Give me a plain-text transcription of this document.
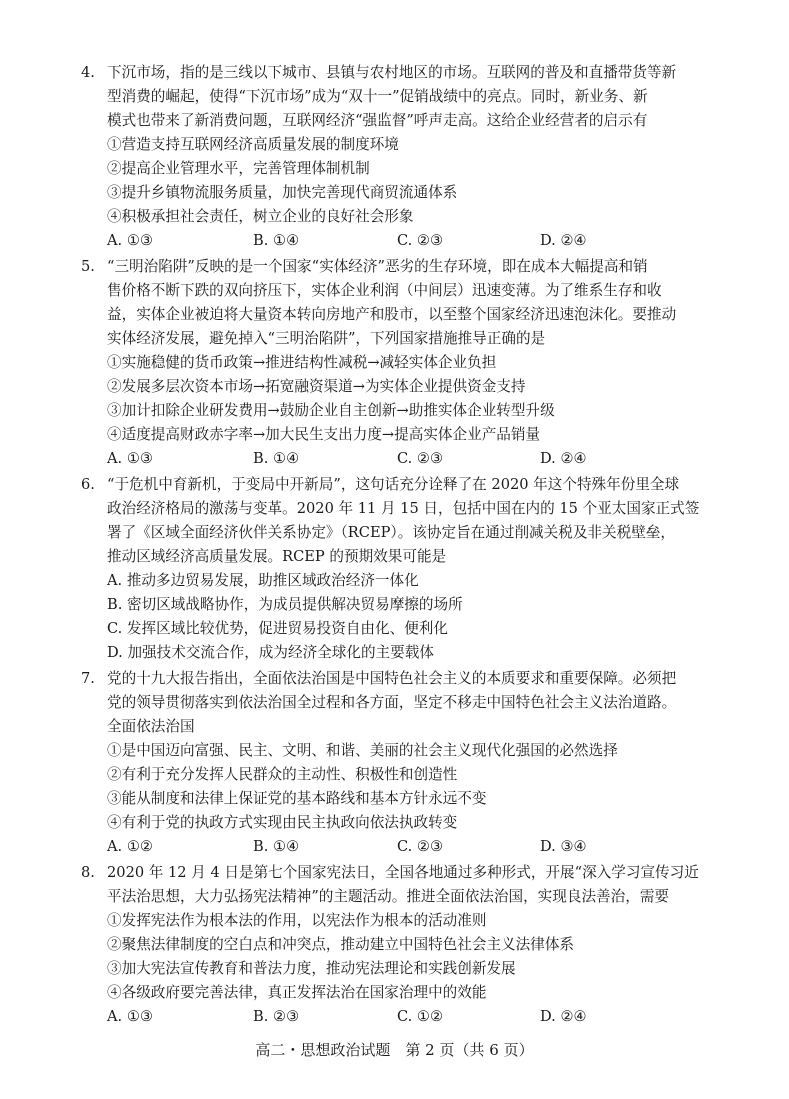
4. 下沉市场，指的是三线以下城市、县镇与农村地区的市场。互联网的普及和直播带货等新
型消费的崛起，使得“下沉市场”成为“双十一”促销战绩中的亮点。同时，新业务、新
模式也带来了新消费问题，互联网经济“强监督”呼声走高。这给企业经营者的启示有
①营造支持互联网经济高质量发展的制度环境
②提高企业管理水平，完善管理体制机制
③提升乡镇物流服务质量，加快完善现代商贸流通体系
④积极承担社会责任，树立企业的良好社会形象
A. ①③	B. ①④	C. ②③	D. ②④
5. “三明治陷阱”反映的是一个国家“实体经济”恶劣的生存环境，即在成本大幅提高和销
售价格不断下跌的双向挤压下，实体企业利润（中间层）迅速变薄。为了维系生存和收
益，实体企业被迫将大量资本转向房地产和股市，以至整个国家经济迅速泡沫化。要推动
实体经济发展，避免掉入“三明治陷阱”，下列国家措施推导正确的是
①实施稳健的货币政策→推进结构性减税→减轻实体企业负担
②发展多层次资本市场→拓宽融资渠道→为实体企业提供资金支持
③加计扣除企业研发费用→鼓励企业自主创新→助推实体企业转型升级
④适度提高财政赤字率→加大民生支出力度→提高实体企业产品销量
A. ①③	B. ①④	C. ②③	D. ②④
6. “于危机中育新机，于变局中开新局”，这句话充分诠释了在 2020 年这个特殊年份里全球
政治经济格局的激荡与变革。2020 年 11 月 15 日，包括中国在内的 15 个亚太国家正式签
署了《区域全面经济伙伴关系协定》（RCEP）。该协定旨在通过削减关税及非关税壁垒，
推动区域经济高质量发展。RCEP 的预期效果可能是
A. 推动多边贸易发展，助推区域政治经济一体化
B. 密切区域战略协作，为成员提供解决贸易摩擦的场所
C. 发挥区域比较优势，促进贸易投资自由化、便利化
D. 加强技术交流合作，成为经济全球化的主要载体
7. 党的十九大报告指出，全面依法治国是中国特色社会主义的本质要求和重要保障。必须把
党的领导贯彻落实到依法治国全过程和各方面，坚定不移走中国特色社会主义法治道路。
全面依法治国
①是中国迈向富强、民主、文明、和谐、美丽的社会主义现代化强国的必然选择
②有利于充分发挥人民群众的主动性、积极性和创造性
③能从制度和法律上保证党的基本路线和基本方针永远不变
④有利于党的执政方式实现由民主执政向依法执政转变
A. ①②	B. ①④	C. ②③	D. ③④
8. 2020 年 12 月 4 日是第七个国家宪法日，全国各地通过多种形式，开展“深入学习宣传习近
平法治思想，大力弘扬宪法精神”的主题活动。推进全面依法治国，实现良法善治，需要
①发挥宪法作为根本法的作用，以宪法作为根本的活动准则
②聚焦法律制度的空白点和冲突点，推动建立中国特色社会主义法律体系
③加大宪法宣传教育和普法力度，推动宪法理论和实践创新发展
④各级政府要完善法律，真正发挥法治在国家治理中的效能
A. ①③	B. ②③	C. ①②	D. ②④
高二・思想政治试题　第 2 页（共 6 页）
